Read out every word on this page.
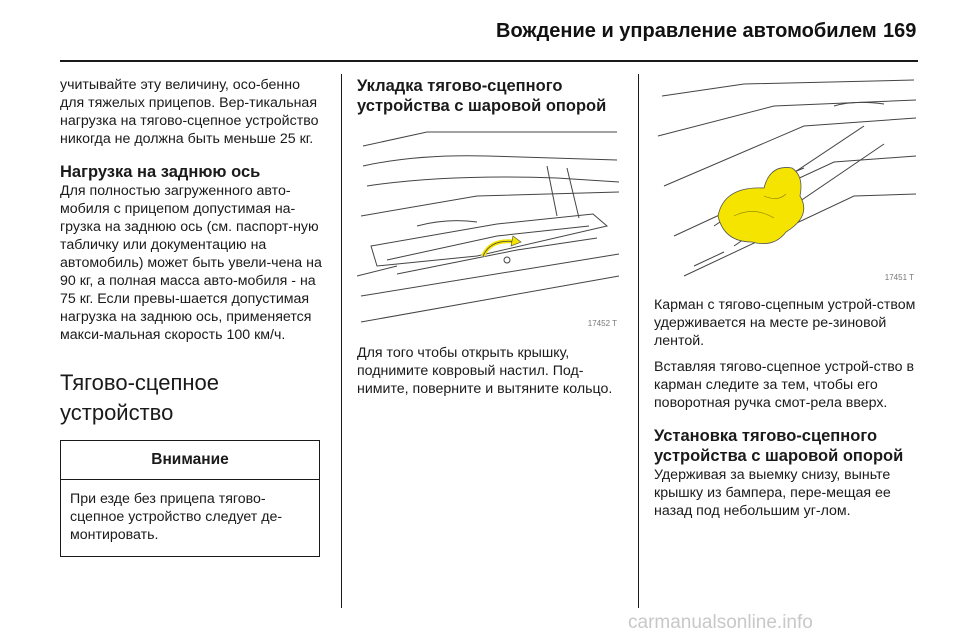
Вождение и управление автомобилем 169

учитывайте эту величину, осо-бенно для тяжелых прицепов. Вер-тикальная нагрузка на тягово-сцепное устройство никогда не должна быть меньше 25 кг.

Нагрузка на заднюю ось

Для полностью загруженного авто-мобиля с прицепом допустимая на-грузка на заднюю ось (см. паспорт-ную табличку или документацию на автомобиль) может быть увели-чена на 90 кг, а полная масса авто-мобиля - на 75 кг. Если превы-шается допустимая нагрузка на заднюю ось, применяется макси-мальная скорость 100 км/ч.

Тягово-сцепное
устройство
Внимание
При езде без прицепа тягово-сцепное устройство следует де-монтировать.
Укладка тягово-сцепного устройства с шаровой опорой
17452 T

Для того чтобы открыть крышку, поднимите ковровый настил. Под-нимите, поверните и вытяните кольцо.

17451 T

Карман с тягово-сцепным устрой-ством удерживается на месте ре-зиновой лентой.

Вставляя тягово-сцепное устрой-ство в карман следите за тем, чтобы его поворотная ручка смот-рела вверх.

Установка тягово-сцепного устройства с шаровой опорой

Удерживая за выемку снизу, выньте крышку из бампера, пере-мещая ее назад под небольшим уг-лом.

carmanualsonline.info
